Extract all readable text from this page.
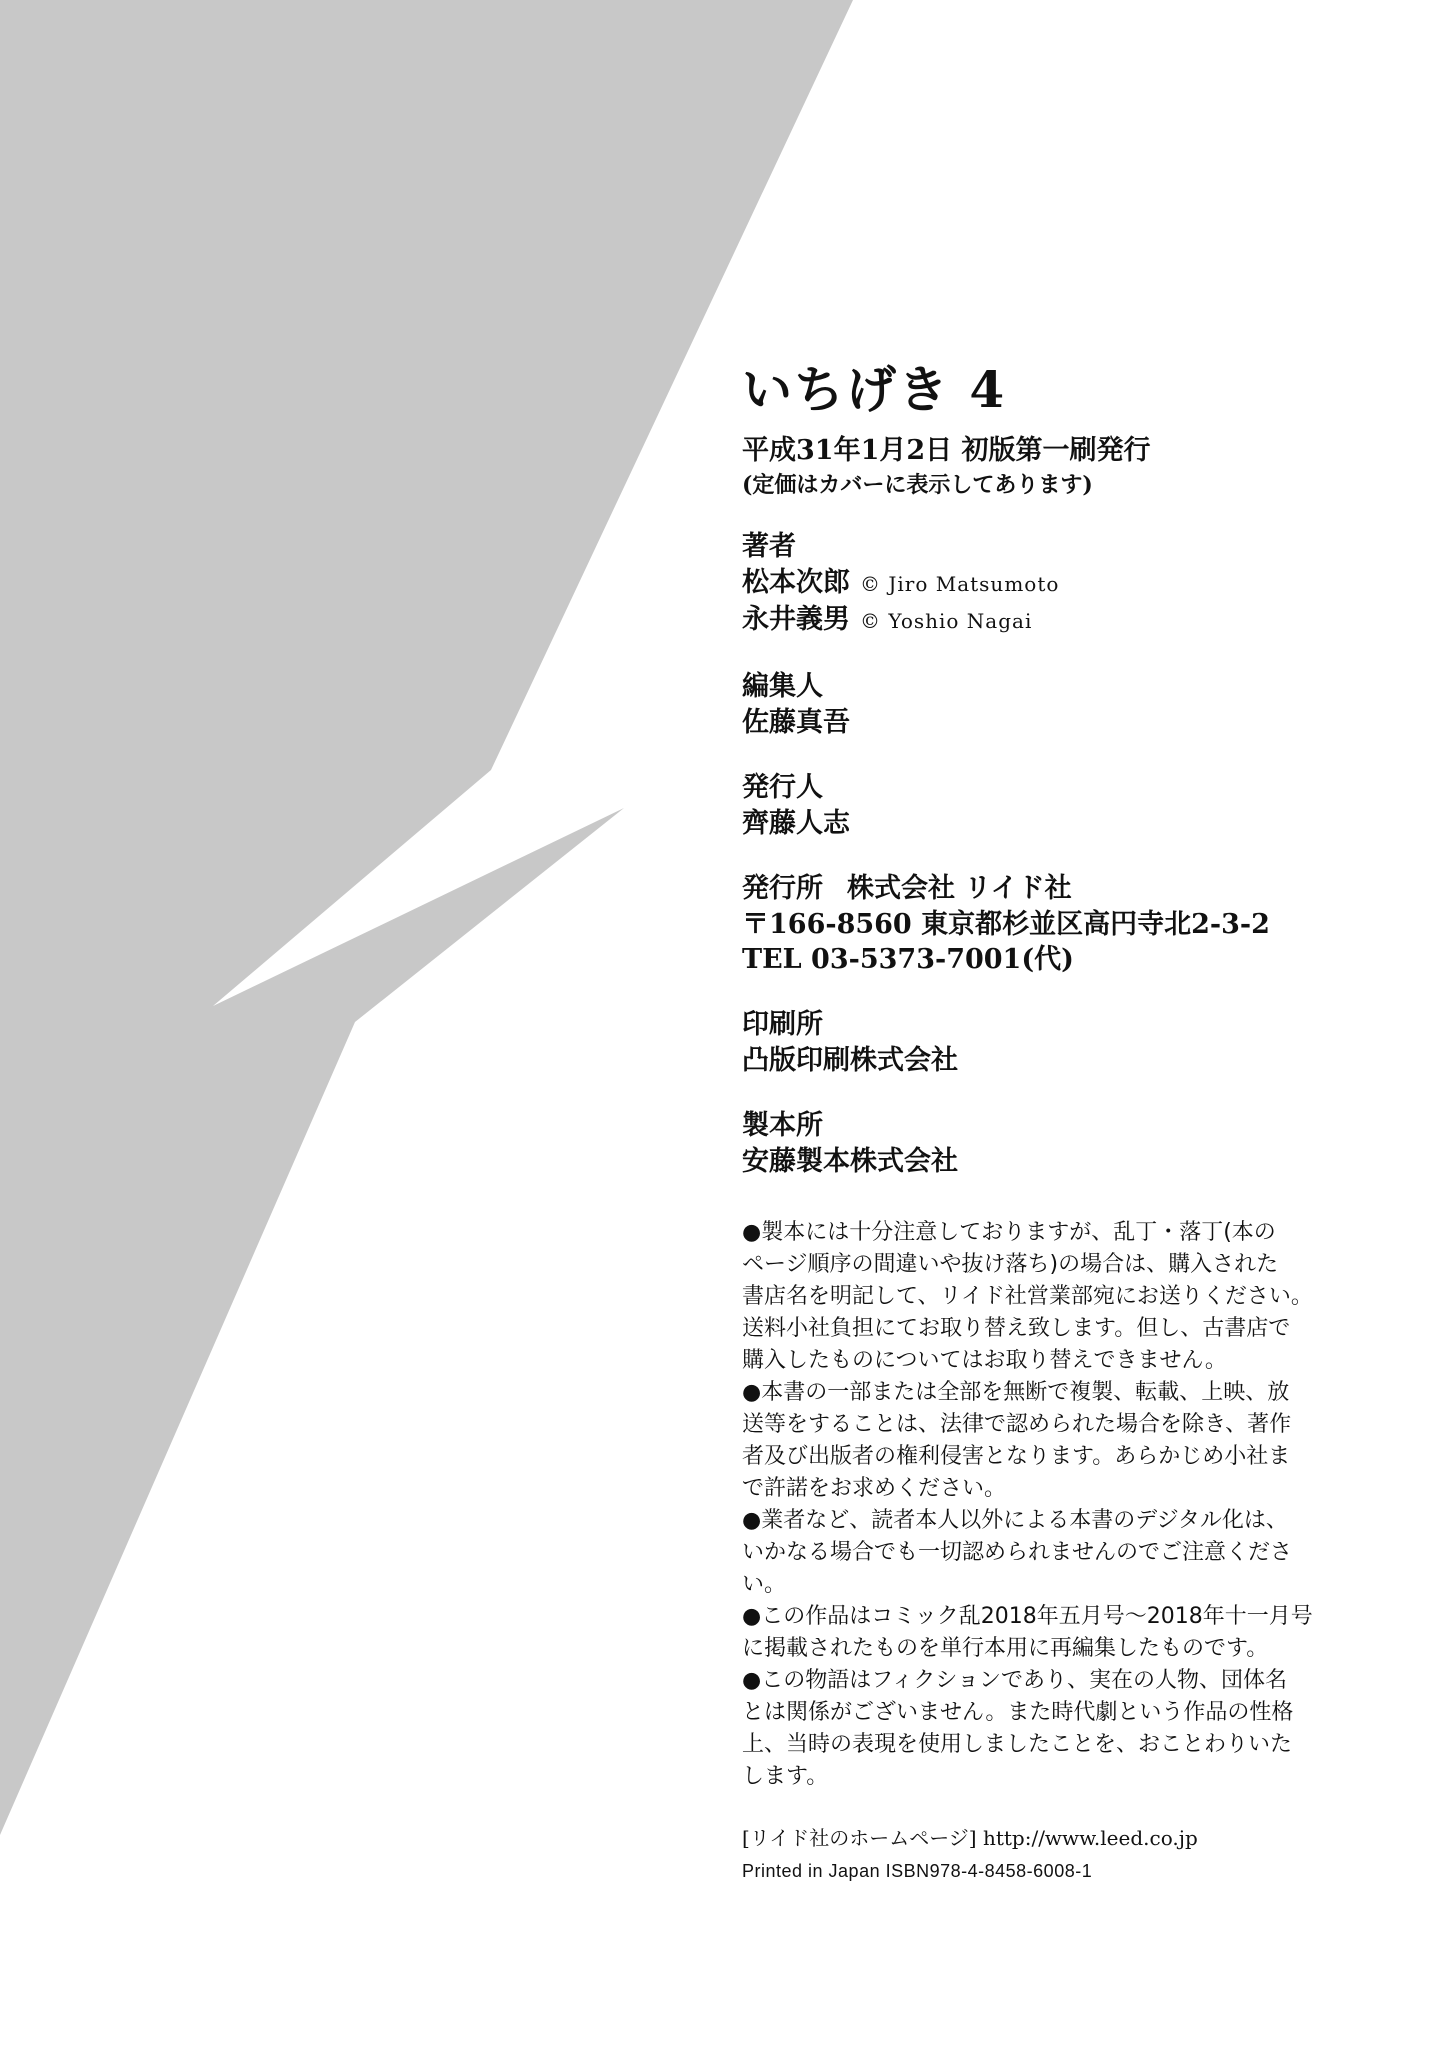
いちげき 4
平成31年1月2日 初版第一刷発行
(定価はカバーに表示してあります)
著者
松本次郎 © Jiro Matsumoto
永井義男 © Yoshio Nagai
編集人
佐藤真吾
発行人
齊藤人志
発行所 株式会社 リイド社
〒166-8560 東京都杉並区高円寺北2-3-2
TEL 03-5373-7001(代)
印刷所
凸版印刷株式会社
製本所
安藤製本株式会社
●製本には十分注意しておりますが、乱丁・落丁(本の
ページ順序の間違いや抜け落ち)の場合は、購入された
書店名を明記して、リイド社営業部宛にお送りください。
送料小社負担にてお取り替え致します。但し、古書店で
購入したものについてはお取り替えできません。
●本書の一部または全部を無断で複製、転載、上映、放
送等をすることは、法律で認められた場合を除き、著作
者及び出版者の権利侵害となります。あらかじめ小社ま
で許諾をお求めください。
●業者など、読者本人以外による本書のデジタル化は、
いかなる場合でも一切認められませんのでご注意くださ
い。
●この作品はコミック乱2018年五月号〜2018年十一月号
に掲載されたものを単行本用に再編集したものです。
●この物語はフィクションであり、実在の人物、団体名
とは関係がございません。また時代劇という作品の性格
上、当時の表現を使用しましたことを、おことわりいた
します。
[リイド社のホームページ] http://www.leed.co.jp
Printed in Japan ISBN978-4-8458-6008-1
